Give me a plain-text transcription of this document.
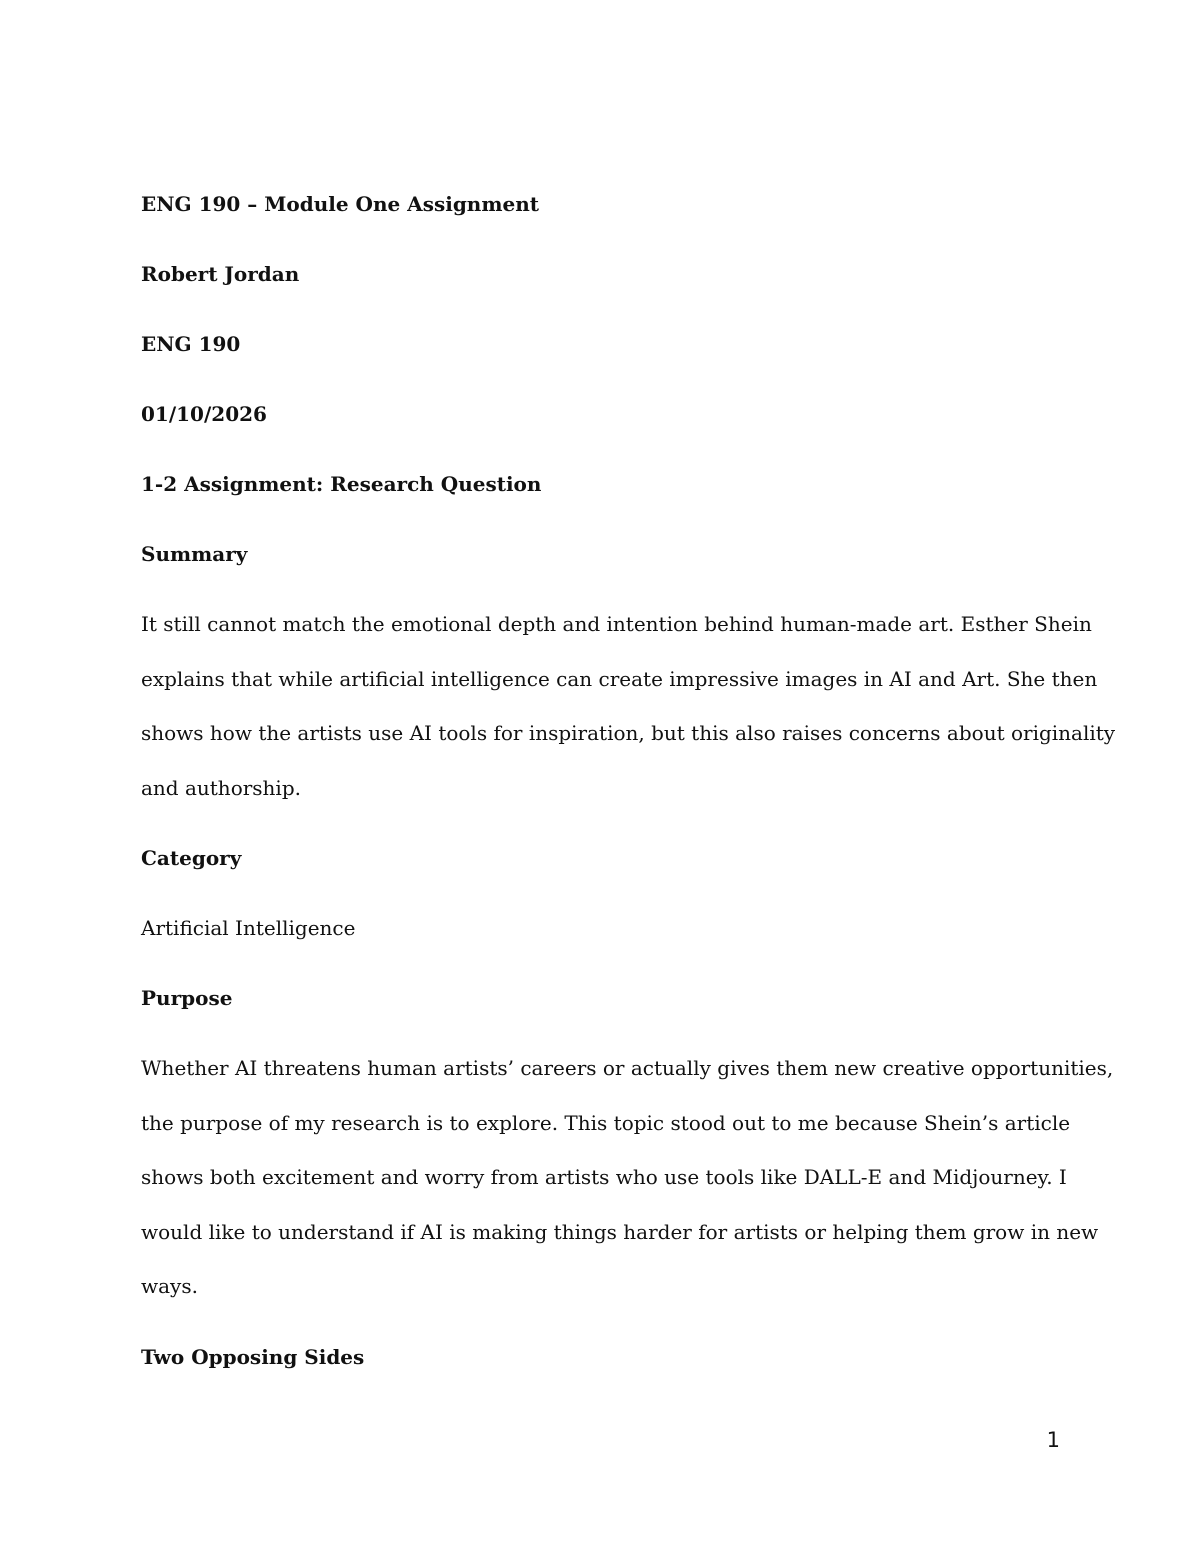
ENG 190 – Module One Assignment
Robert Jordan
ENG 190
01/10/2026
1-2 Assignment: Research Question
Summary
It still cannot match the emotional depth and intention behind human-made art. Esther Shein
explains that while artificial intelligence can create impressive images in AI and Art. She then
shows how the artists use AI tools for inspiration, but this also raises concerns about originality
and authorship.
Category
Artificial Intelligence
Purpose
Whether AI threatens human artists’ careers or actually gives them new creative opportunities,
the purpose of my research is to explore. This topic stood out to me because Shein’s article
shows both excitement and worry from artists who use tools like DALL-E and Midjourney. I
would like to understand if AI is making things harder for artists or helping them grow in new
ways.
Two Opposing Sides
1
